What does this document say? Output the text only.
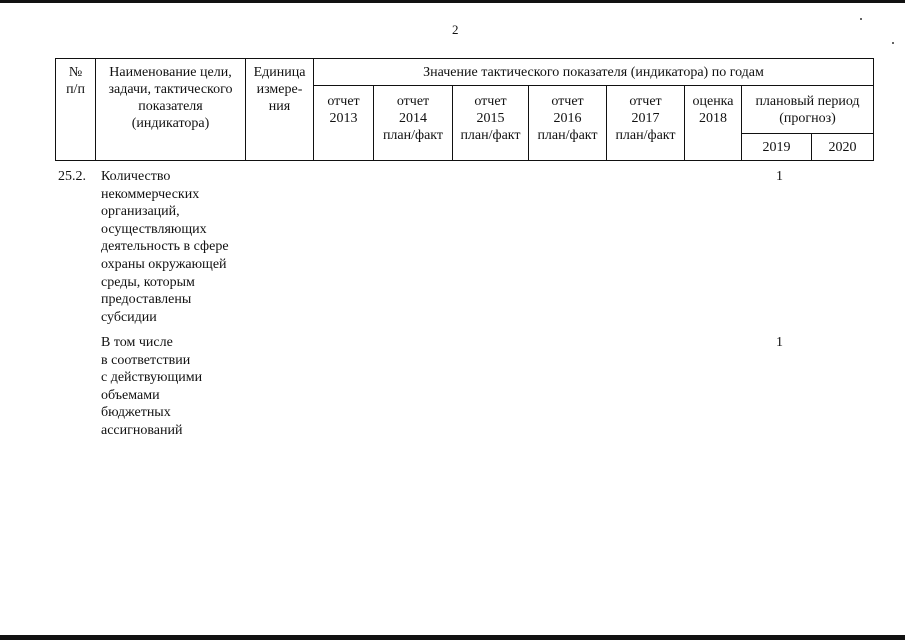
2
№
п/п
Наименование цели,
задачи, тактического
показателя
(индикатора)
Единица
измере-
ния
Значение тактического показателя (индикатора) по годам
отчет
2013
отчет
2014
план/факт
отчет
2015
план/факт
отчет
2016
план/факт
отчет
2017
план/факт
оценка
2018
плановый период
(прогноз)
2019	2020
25.2. Количество
некоммерческих
организаций,
осуществляющих
деятельность в сфере
охраны окружающей
среды, которым
предоставлены
субсидии
1
В том числе
в соответствии
с действующими
объемами
бюджетных
ассигнований
1
